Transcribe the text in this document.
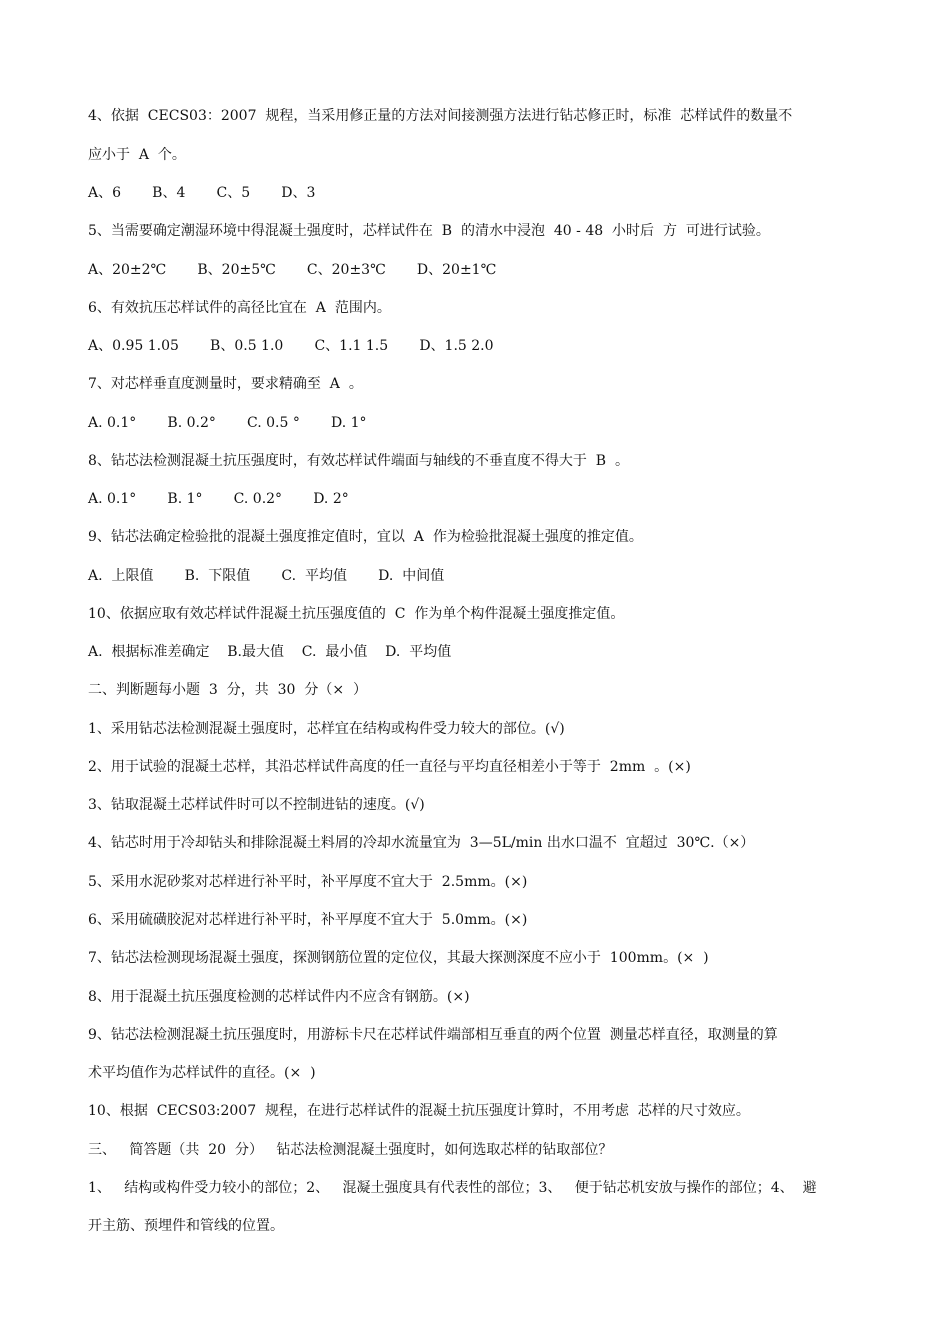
4、依据  CECS03：2007  规程，当采用修正量的方法对间接测强方法进行钻芯修正时，标准  芯样试件的数量不
应小于  A  个。
A、6       B、4       C、5       D、3
5、当需要确定潮湿环境中得混凝土强度时，芯样试件在  B  的清水中浸泡  40 - 48  小时后  方  可进行试验。
A、20±2℃       B、20±5℃       C、20±3℃       D、20±1℃
6、有效抗压芯样试件的高径比宜在  A  范围内。
A、0.95 1.05       B、0.5 1.0       C、1.1 1.5       D、1.5 2.0
7、对芯样垂直度测量时，要求精确至  A  。
A. 0.1°       B. 0.2°       C. 0.5 °       D. 1°
8、钻芯法检测混凝土抗压强度时，有效芯样试件端面与轴线的不垂直度不得大于  B  。
A. 0.1°       B. 1°       C. 0.2°       D. 2°
9、钻芯法确定检验批的混凝土强度推定值时，宜以  A  作为检验批混凝土强度的推定值。
A.  上限值       B.  下限值       C.  平均值       D.  中间值
10、依据应取有效芯样试件混凝土抗压强度值的  C  作为单个构件混凝土强度推定值。
A.  根据标准差确定    B.最大值    C.  最小值    D.  平均值
二、判断题每小题  3  分，共  30  分（×  ）
1、采用钻芯法检测混凝土强度时，芯样宜在结构或构件受力较大的部位。(√)
2、用于试验的混凝土芯样，其沿芯样试件高度的任一直径与平均直径相差小于等于  2mm  。(×)
3、钻取混凝土芯样试件时可以不控制进钻的速度。(√)
4、钻芯时用于冷却钻头和排除混凝土料屑的冷却水流量宜为  3—5L/min 出水口温不  宜超过  30℃.（×）
5、采用水泥砂浆对芯样进行补平时，补平厚度不宜大于  2.5mm。(×)
6、采用硫磺胶泥对芯样进行补平时，补平厚度不宜大于  5.0mm。(×)
7、钻芯法检测现场混凝土强度，探测钢筋位置的定位仪，其最大探测深度不应小于  100mm。(×  )
8、用于混凝土抗压强度检测的芯样试件内不应含有钢筋。(×)
9、钻芯法检测混凝土抗压强度时，用游标卡尺在芯样试件端部相互垂直的两个位置  测量芯样直径，取测量的算
术平均值作为芯样试件的直径。(×  )
10、根据  CECS03:2007  规程，在进行芯样试件的混凝土抗压强度计算时，不用考虑  芯样的尺寸效应。
三、   简答题（共  20  分）   钻芯法检测混凝土强度时，如何选取芯样的钻取部位？
1、   结构或构件受力较小的部位；2、   混凝土强度具有代表性的部位；3、   便于钻芯机安放与操作的部位；4、  避
开主筋、预埋件和管线的位置。
